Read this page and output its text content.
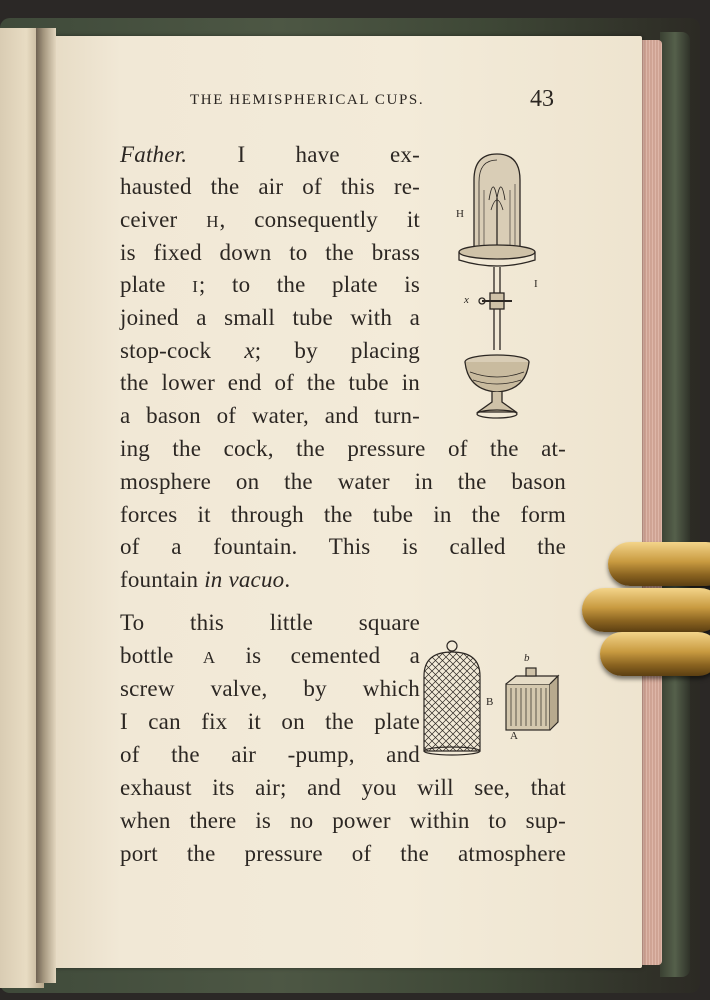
THE HEMISPHERICAL CUPS.	43
Father. I have ex-
hausted the air of this re-
ceiver H, consequently it
is fixed down to the brass
plate I; to the plate is
joined a small tube with a
stop-cock x; by placing
the lower end of the tube in
a bason of water, and turn-
ing the cock, the pressure of the at-
mosphere on the water in the bason
forces it through the tube in the form
of a fountain. This is called the
fountain in vacuo.
To this little square
bottle A is cemented a
screw valve, by which
I can fix it on the plate
of the air -pump, and
exhaust its air; and you will see, that
when there is no power within to sup-
port the pressure of the atmosphere
H
I
x
B
A
b
